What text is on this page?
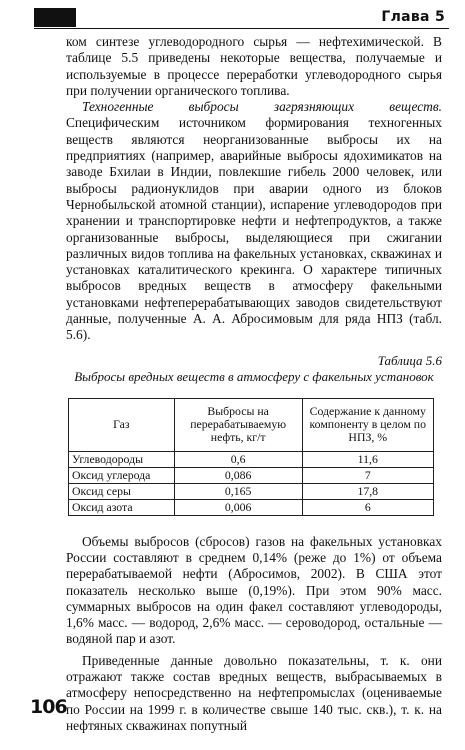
Глава 5

ком синтезе углеводородного сырья — нефтехимической. В таблице 5.5 приведены некоторые вещества, получаемые и используемые в процессе переработки углеводородного сырья при получении органического топлива.

Техногенные выбросы загрязняющих веществ. Специфическим источником формирования техногенных веществ являются неорганизованные выбросы их на предприятиях (например, аварийные выбросы ядохимикатов на заводе Бхилаи в Индии, повлекшие гибель 2000 человек, или выбросы радионуклидов при аварии одного из блоков Чернобыльской атомной станции), испарение углеводородов при хранении и транспортировке нефти и нефтепродуктов, а также организованные выбросы, выделяющиеся при сжигании различных видов топлива на факельных установках, скважинах и установках каталитического крекинга. О характере типичных выбросов вредных веществ в атмосферу факельными установками нефтеперерабатывающих заводов свидетельствуют данные, полученные А. А. Абросимовым для ряда НПЗ (табл. 5.6).

Таблица 5.6
Выбросы вредных веществ в атмосферу с факельных установок
Газ	Выбросы на перерабатываемую нефть, кг/т	Содержание к данному компоненту в целом по НПЗ, %
Углеводороды	0,6	11,6
Оксид углерода	0,086	7
Оксид серы	0,165	17,8
Оксид азота	0,006	6

Объемы выбросов (сбросов) газов на факельных установках России составляют в среднем 0,14% (реже до 1%) от объема перерабатываемой нефти (Абросимов, 2002). В США этот показатель несколько выше (0,19%). При этом 90% масс. суммарных выбросов на один факел составляют углеводороды, 1,6% масс. — водород, 2,6% масс. — сероводород, остальные — водяной пар и азот.

Приведенные данные довольно показательны, т. к. они отражают также состав вредных веществ, выбрасываемых в атмосферу непосредственно на нефтепромыслах (оцениваемые по России на 1999 г. в количестве свыше 140 тыс. скв.), т. к. на нефтяных скважинах попутный

106
